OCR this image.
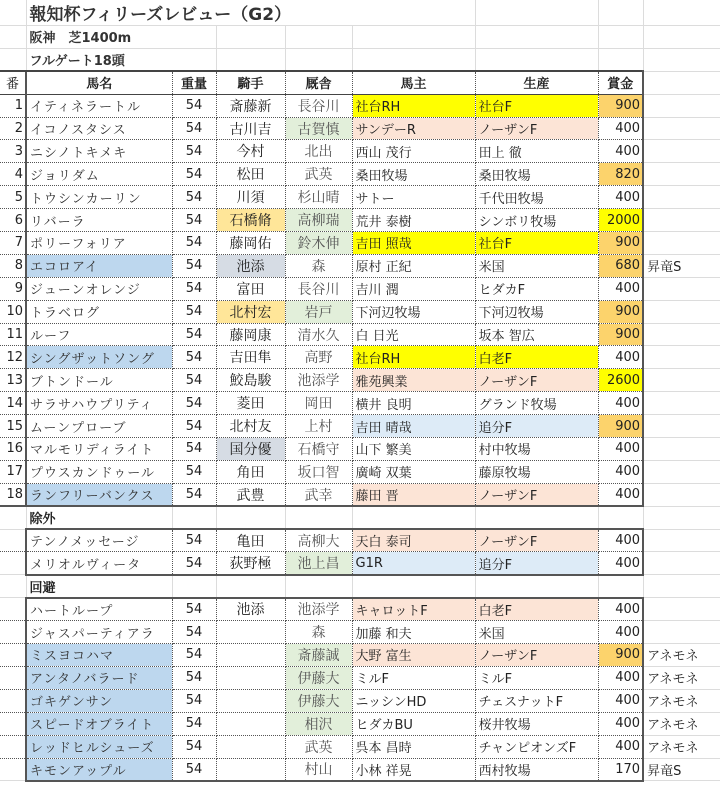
	報知杯フィリーズレビュー（G2）							
	阪神　芝1400m							
	フルゲート18頭							
番	馬名	重量	騎手	厩舎	馬主	生産	賞金	
1	イティネラートル	54	斎藤新	長谷川	社台RH	社台F	900	
2	イコノスタシス	54	古川吉	古賀慎	サンデーR	ノーザンF	400	
3	ニシノトキメキ	54	今村	北出	西山 茂行	田上 徹	400	
4	ジョリダム	54	松田	武英	桑田牧場	桑田牧場	820	
5	トウシンカーリン	54	川須	杉山晴	サトー	千代田牧場	400	
6	リバーラ	54	石橋脩	高柳瑞	荒井 泰樹	シンボリ牧場	2000	
7	ポリーフォリア	54	藤岡佑	鈴木伸	吉田 照哉	社台F	900	
8	エコロアイ	54	池添	森	原村 正紀	米国	680	昇竜S
9	ジューンオレンジ	54	富田	長谷川	吉川 潤	ヒダカF	400	
10	トラベログ	54	北村宏	岩戸	下河辺牧場	下河辺牧場	900	
11	ルーフ	54	藤岡康	清水久	白 日光	坂本 智広	900	
12	シングザットソング	54	吉田隼	高野	社台RH	白老F	400	
13	ブトンドール	54	鮫島駿	池添学	雅苑興業	ノーザンF	2600	
14	サラサハウプリティ	54	菱田	岡田	横井 良明	グランド牧場	400	
15	ムーンプローブ	54	北村友	上村	吉田 晴哉	追分F	900	
16	マルモリディライト	54	国分優	石橋守	山下 繁美	村中牧場	400	
17	プウスカンドゥール	54	角田	坂口智	廣崎 双葉	藤原牧場	400	
18	ランフリーバンクス	54	武豊	武幸	藤田 晋	ノーザンF	400	
	除外							
	テンノメッセージ	54	亀田	高柳大	天白 泰司	ノーザンF	400	
	メリオルヴィータ	54	荻野極	池上昌	G1R	追分F	400	
	回避							
	ハートループ	54	池添	池添学	キャロットF	白老F	400	
	ジャスパーティアラ	54		森	加藤 和夫	米国	400	
	ミスヨコハマ	54		斎藤誠	大野 富生	ノーザンF	900	アネモネ
	アンタノバラード	54		伊藤大	ミルF	ミルF	400	アネモネ
	ゴキゲンサン	54		伊藤大	ニッシンHD	チェスナットF	400	アネモネ
	スピードオブライト	54		相沢	ヒダカBU	桜井牧場	400	アネモネ
	レッドヒルシューズ	54		武英	呉本 昌時	チャンピオンズF	400	アネモネ
	キモンアップル	54		村山	小林 祥晃	西村牧場	170	昇竜S
